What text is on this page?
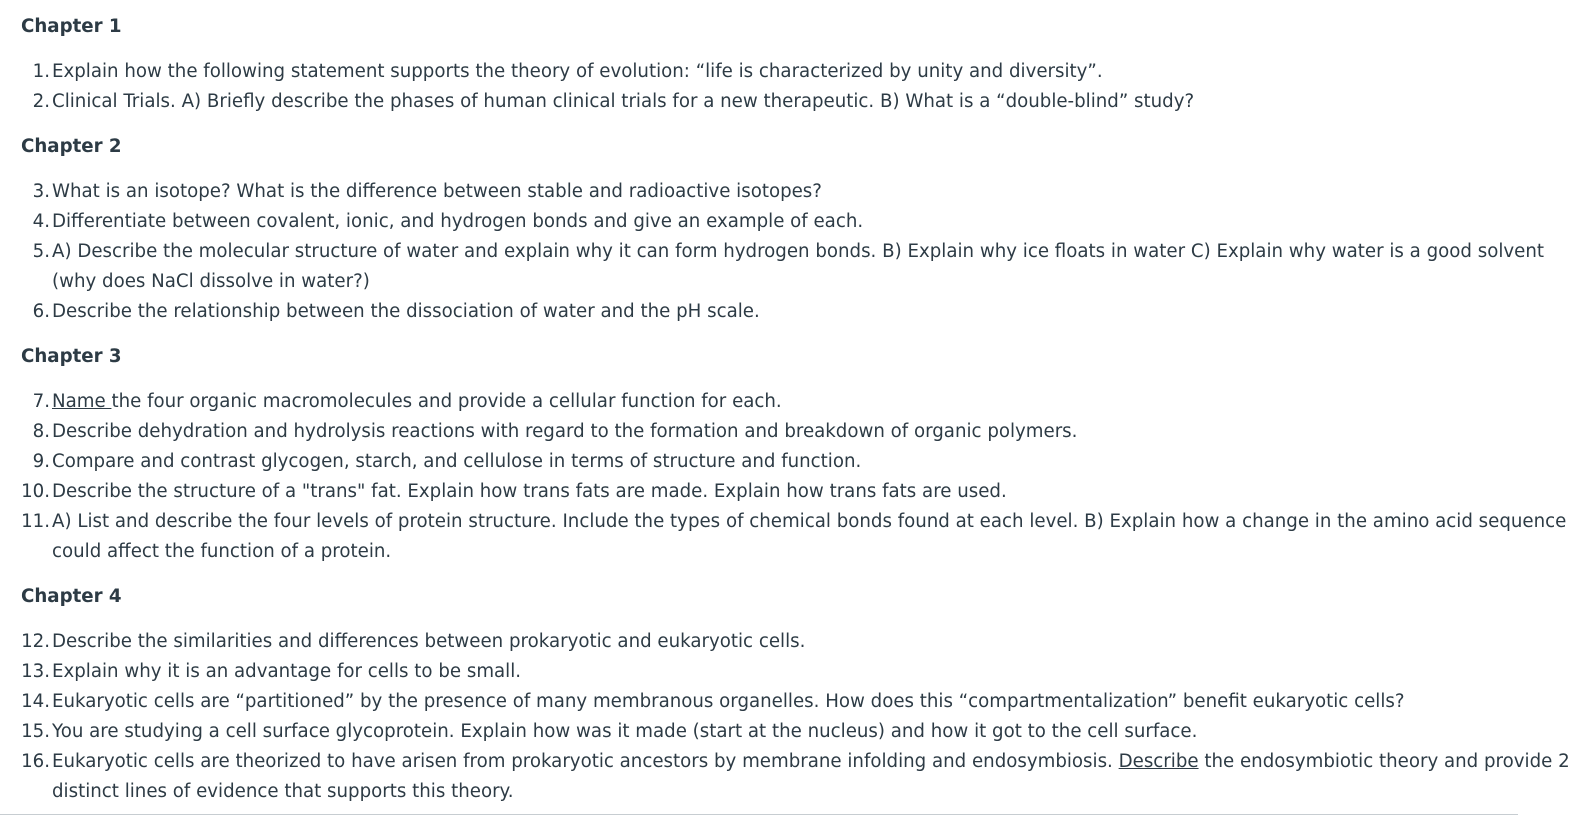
Chapter 1
1. Explain how the following statement supports the theory of evolution: “life is characterized by unity and diversity”.
2. Clinical Trials. A) Briefly describe the phases of human clinical trials for a new therapeutic. B) What is a “double-blind” study?
Chapter 2
3. What is an isotope? What is the difference between stable and radioactive isotopes?
4. Differentiate between covalent, ionic, and hydrogen bonds and give an example of each.
5. A) Describe the molecular structure of water and explain why it can form hydrogen bonds. B) Explain why ice floats in water C) Explain why water is a good solvent
(why does NaCl dissolve in water?)
6. Describe the relationship between the dissociation of water and the pH scale.
Chapter 3
7. Name the four organic macromolecules and provide a cellular function for each.
8. Describe dehydration and hydrolysis reactions with regard to the formation and breakdown of organic polymers.
9. Compare and contrast glycogen, starch, and cellulose in terms of structure and function.
10. Describe the structure of a "trans" fat. Explain how trans fats are made. Explain how trans fats are used.
11. A) List and describe the four levels of protein structure. Include the types of chemical bonds found at each level. B) Explain how a change in the amino acid sequence
could affect the function of a protein.
Chapter 4
12. Describe the similarities and differences between prokaryotic and eukaryotic cells.
13. Explain why it is an advantage for cells to be small.
14. Eukaryotic cells are “partitioned” by the presence of many membranous organelles. How does this “compartmentalization” benefit eukaryotic cells?
15. You are studying a cell surface glycoprotein. Explain how was it made (start at the nucleus) and how it got to the cell surface.
16. Eukaryotic cells are theorized to have arisen from prokaryotic ancestors by membrane infolding and endosymbiosis. Describe the endosymbiotic theory and provide 2
distinct lines of evidence that supports this theory.
